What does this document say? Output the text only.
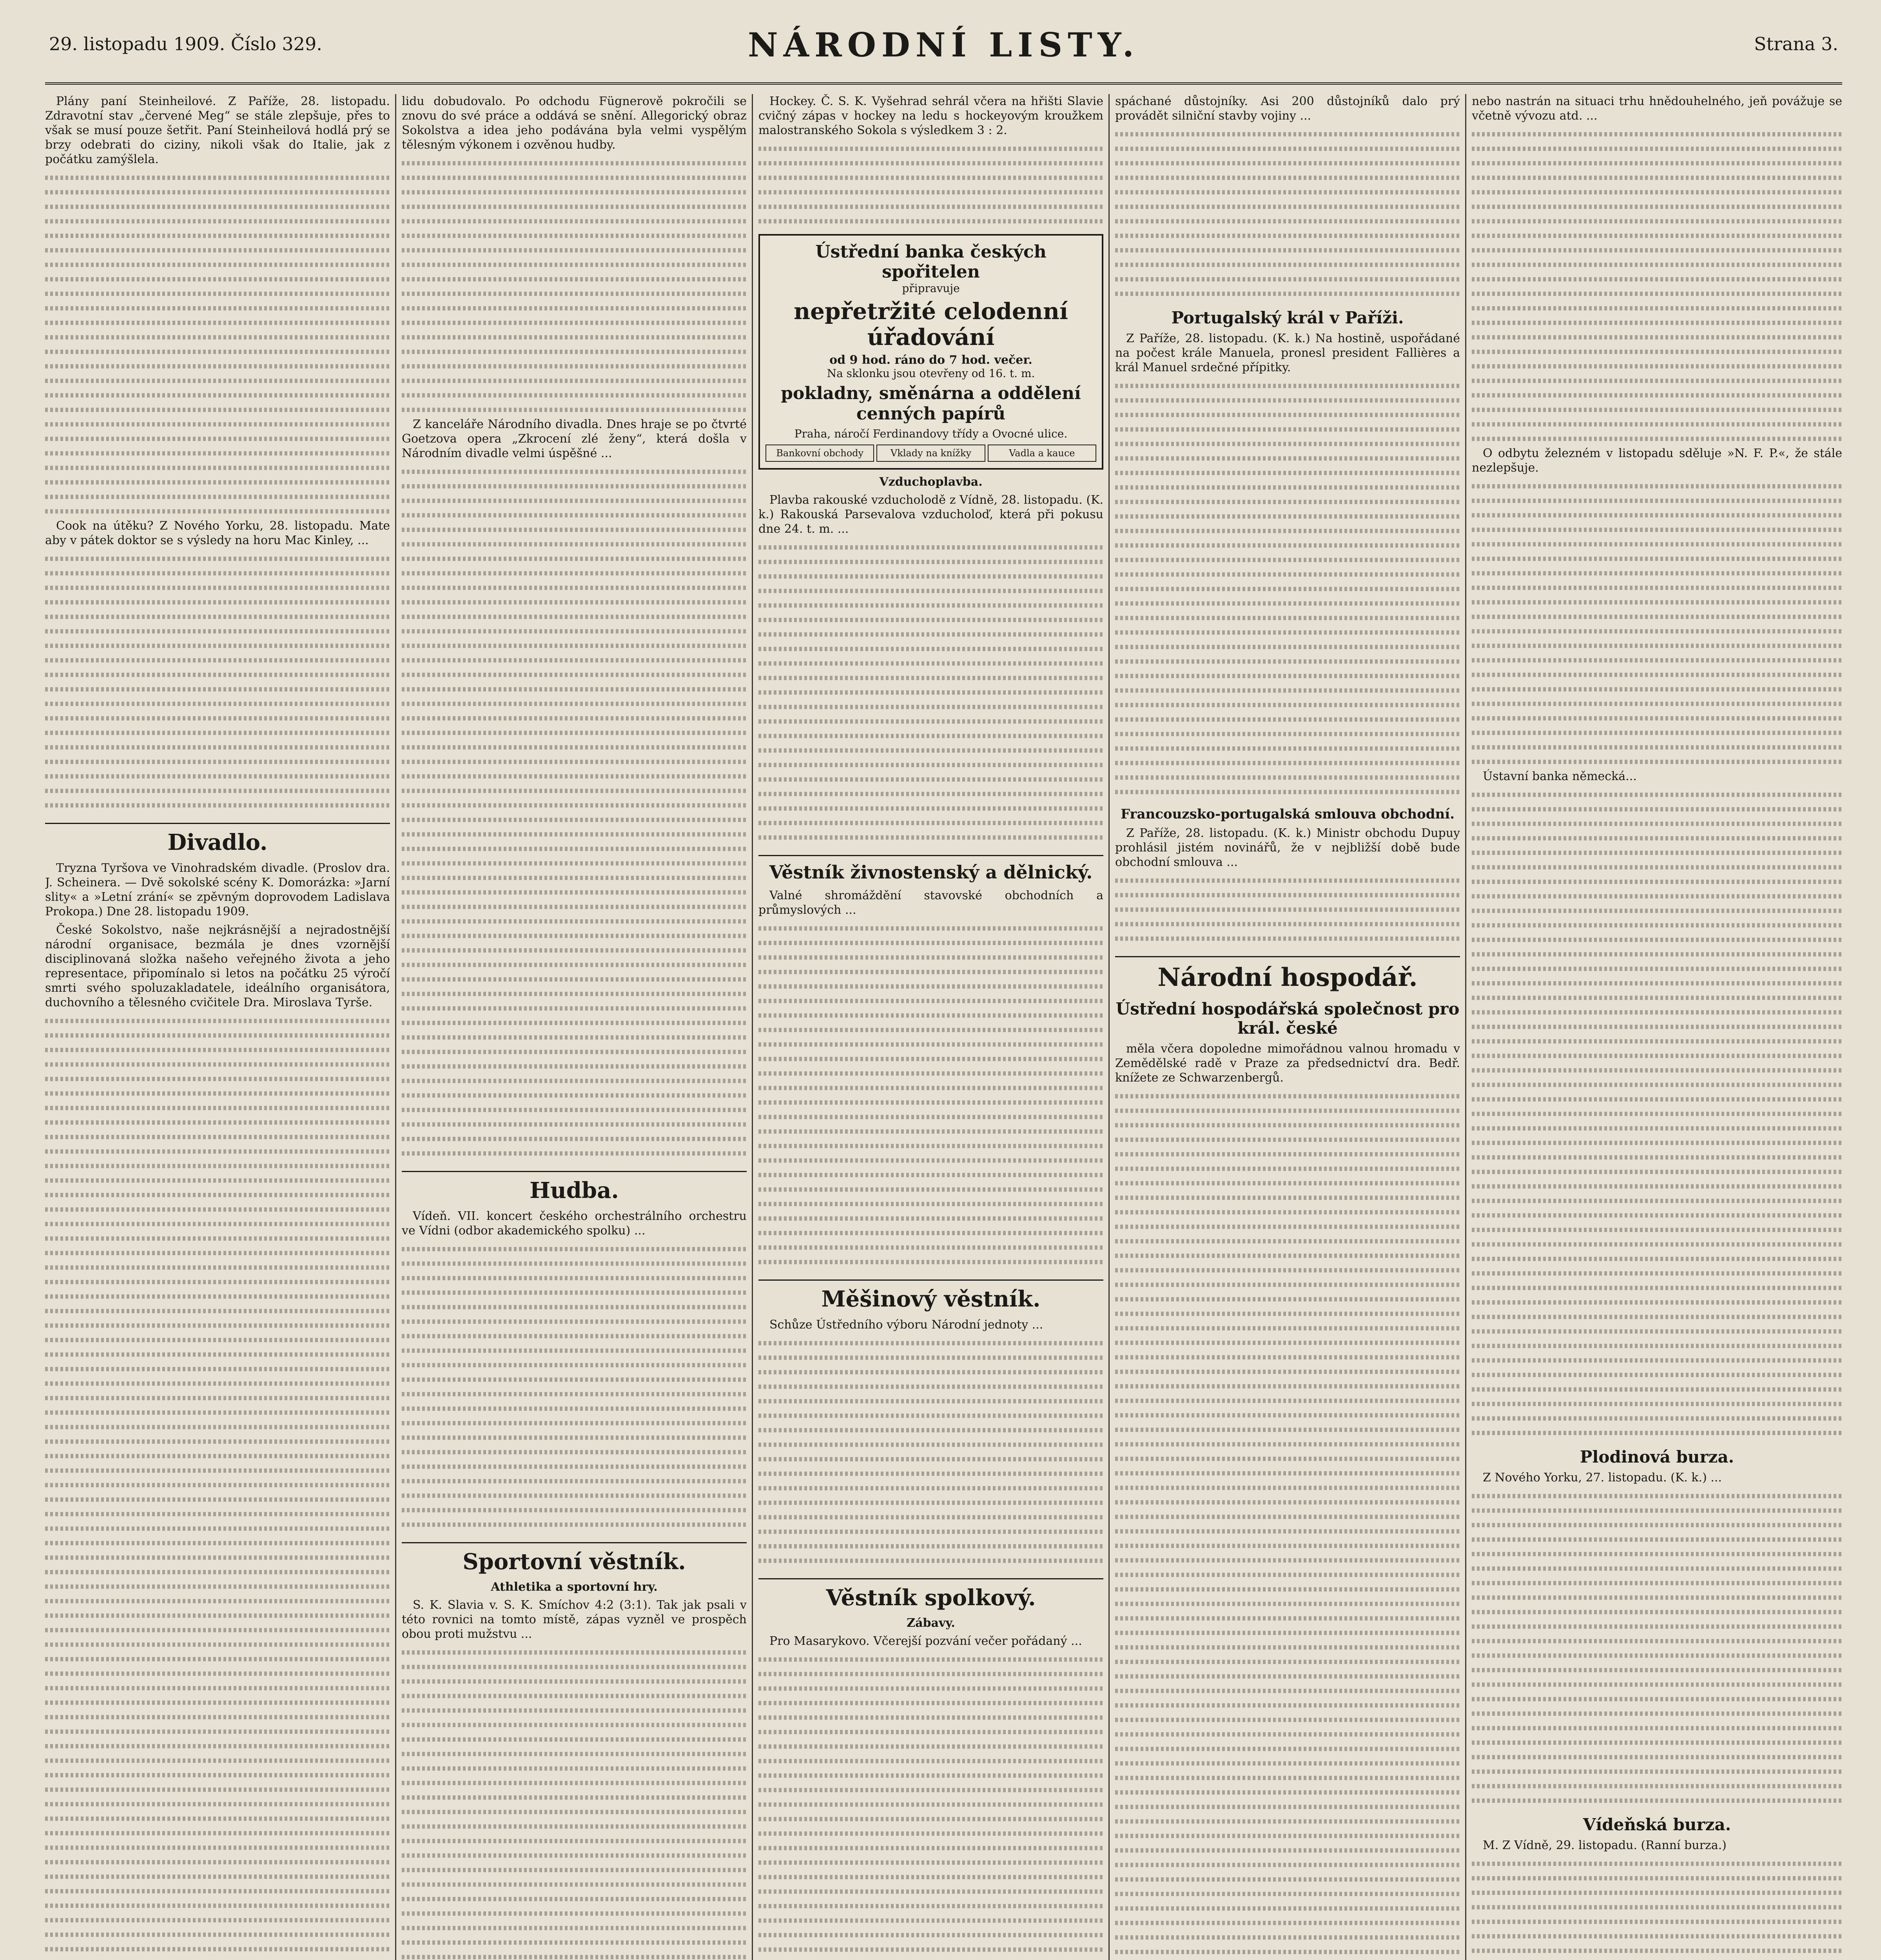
29. listopadu 1909. Číslo 329.	NÁRODNÍ LISTY.	Strana 3.

Plány paní Steinheilové. Z Paříže, 28. listopadu. Zdravotní stav „červené Meg“ se stále zlepšuje, přes to však se musí pouze šetřit. Paní Steinheilová hodlá prý se brzy odebrati do ciziny, nikoli však do Italie, jak z počátku zamýšlela.

Cook na útěku? Z Nového Yorku, 28. listopadu. Mate aby v pátek doktor se s výsledy na horu Mac Kinley, ...

Divadlo.

Tryzna Tyršova ve Vinohradském divadle. (Proslov dra. J. Scheinera. — Dvě sokolské scény K. Domorázka: »Jarní slity« a »Letní zrání« se zpěvným doprovodem Ladislava Prokopa.) Dne 28. listopadu 1909.

České Sokolstvo, naše nejkrásnější a nejradostnější národní organisace, bezmála je dnes vzornější disciplinovaná složka našeho veřejného života a jeho representace, připomínalo si letos na počátku 25 výročí smrti svého spoluzakladatele, ideálního organisátora, duchovního a tělesného cvičitele Dra. Miroslava Tyrše.

lidu dobudovalo. Po odchodu Fügnerově pokročili se znovu do své práce a oddává se snění. Allegorický obraz Sokolstva a idea jeho podávána byla velmi vyspělým tělesným výkonem i ozvěnou hudby.

Z kanceláře Národního divadla. Dnes hraje se po čtvrté Goetzova opera „Zkrocení zlé ženy“, která došla v Národním divadle velmi úspěšné ...

Hudba.

Vídeň. VII. koncert českého orchestrálního orchestru ve Vídni (odbor akademického spolku) ...

Sportovní věstník.
Athletika a sportovní hry.

S. K. Slavia v. S. K. Smíchov 4:2 (3:1). Tak jak psali v této rovnici na tomto místě, zápas vyzněl ve prospěch obou proti mužstvu ...

Hockey. Č. S. K. Vyšehrad sehrál včera na hřišti Slavie cvičný zápas v hockey na ledu s hockeyovým kroužkem malostranského Sokola s výsledkem 3 : 2.

Ústřední banka českých spořitelen
připravuje
nepřetržité celodenní úřadování
od 9 hod. ráno do 7 hod. večer.
Na sklonku jsou otevřeny od 16. t. m.
pokladny, směnárna a oddělení cenných papírů
Praha, náročí Ferdinandovy třídy a Ovocné ulice.
Bankovní obchody	Vklady na knížky	Vadla a kauce
Vzduchoplavba.

Plavba rakouské vzducholodě z Vídně, 28. listopadu. (K. k.) Rakouská Parsevalova vzducholoď, která při pokusu dne 24. t. m. ...

Věstník živnostenský a dělnický.

Valné shromáždění stavovské obchodních a průmyslových ...

Měšinový věstník.

Schůze Ústředního výboru Národní jednoty ...

Věstník spolkový.
Zábavy.

Pro Masarykovo. Včerejší pozvání večer pořádaný ...

spáchané důstojníky. Asi 200 důstojníků dalo prý provádět silniční stavby vojiny ...

Portugalský král v Paříži.

Z Paříže, 28. listopadu. (K. k.) Na hostině, uspořádané na počest krále Manuela, pronesl president Fallières a král Manuel srdečné přípitky.

Francouzsko-portugalská smlouva obchodní.

Z Paříže, 28. listopadu. (K. k.) Ministr obchodu Dupuy prohlásil jistém novinářů, že v nejbližší době bude obchodní smlouva ...

Národní hospodář.
Ústřední hospodářská společnost pro král. české

měla včera dopoledne mimořádnou valnou hromadu v Zemědělské radě v Praze za předsednictví dra. Bedř. knížete ze Schwarzenbergů.

nebo nastrán na situaci trhu hnědouhelného, jeň povážuje se včetně vývozu atd. ...

O odbytu železném v listopadu sděluje »N. F. P.«, že stále nezlepšuje.

Ústavní banka německá...

Plodinová burza.

Z Nového Yorku, 27. listopadu. (K. k.) ...

Vídeňská burza.

M. Z Vídně, 29. listopadu. (Ranní burza.)
